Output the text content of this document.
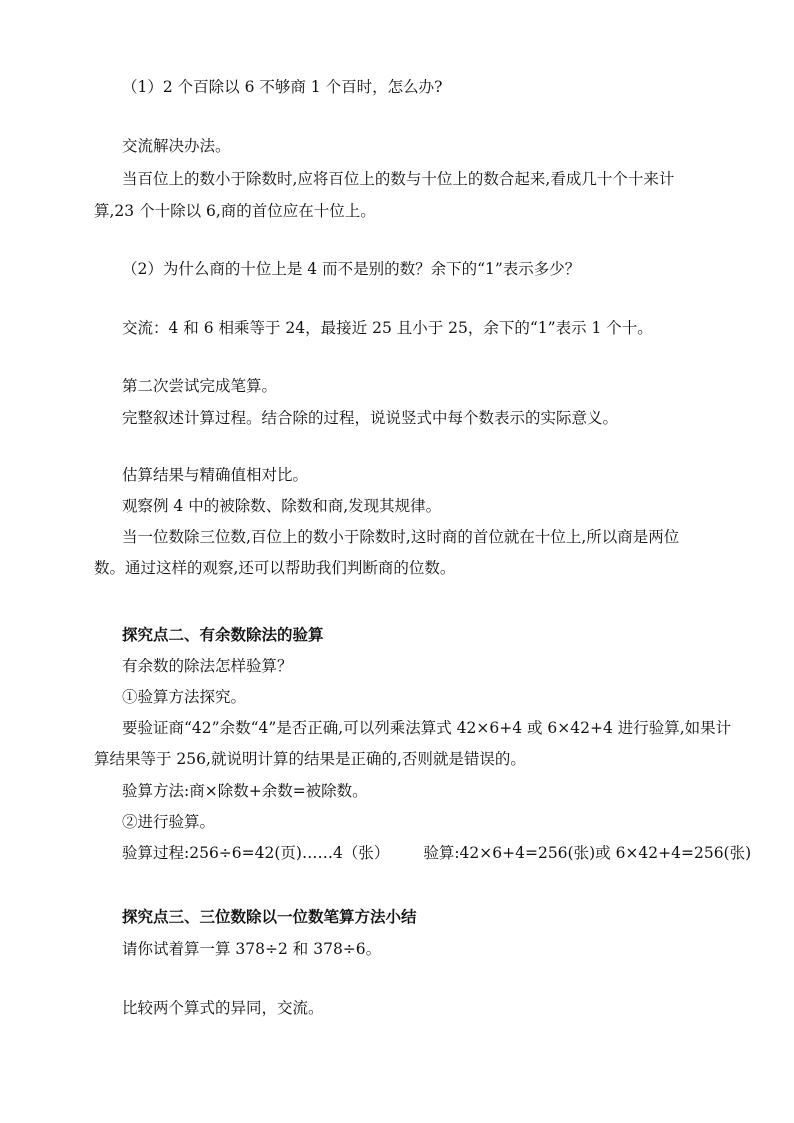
（1）2 个百除以 6 不够商 1 个百时，怎么办?
交流解决办法。
当百位上的数小于除数时,应将百位上的数与十位上的数合起来,看成几十个十来计
算,23 个十除以 6,商的首位应在十位上。
（2）为什么商的十位上是 4 而不是别的数？余下的“1”表示多少？
交流：4 和 6 相乘等于 24，最接近 25 且小于 25，余下的“1”表示 1 个十。
第二次尝试完成笔算。
完整叙述计算过程。结合除的过程，说说竖式中每个数表示的实际意义。
估算结果与精确值相对比。
观察例 4 中的被除数、除数和商,发现其规律。
当一位数除三位数,百位上的数小于除数时,这时商的首位就在十位上,所以商是两位
数。通过这样的观察,还可以帮助我们判断商的位数。
探究点二、有余数除法的验算
有余数的除法怎样验算？
①验算方法探究。
要验证商“42”余数“4”是否正确,可以列乘法算式 42×6+4 或 6×42+4 进行验算,如果计
算结果等于 256,就说明计算的结果是正确的,否则就是错误的。
验算方法:商×除数+余数=被除数。
②进行验算。
验算过程:256÷6=42(页)……4（张） 验算:42×6+4=256(张)或 6×42+4=256(张)
探究点三、三位数除以一位数笔算方法小结
请你试着算一算 378÷2 和 378÷6。
比较两个算式的异同，交流。
